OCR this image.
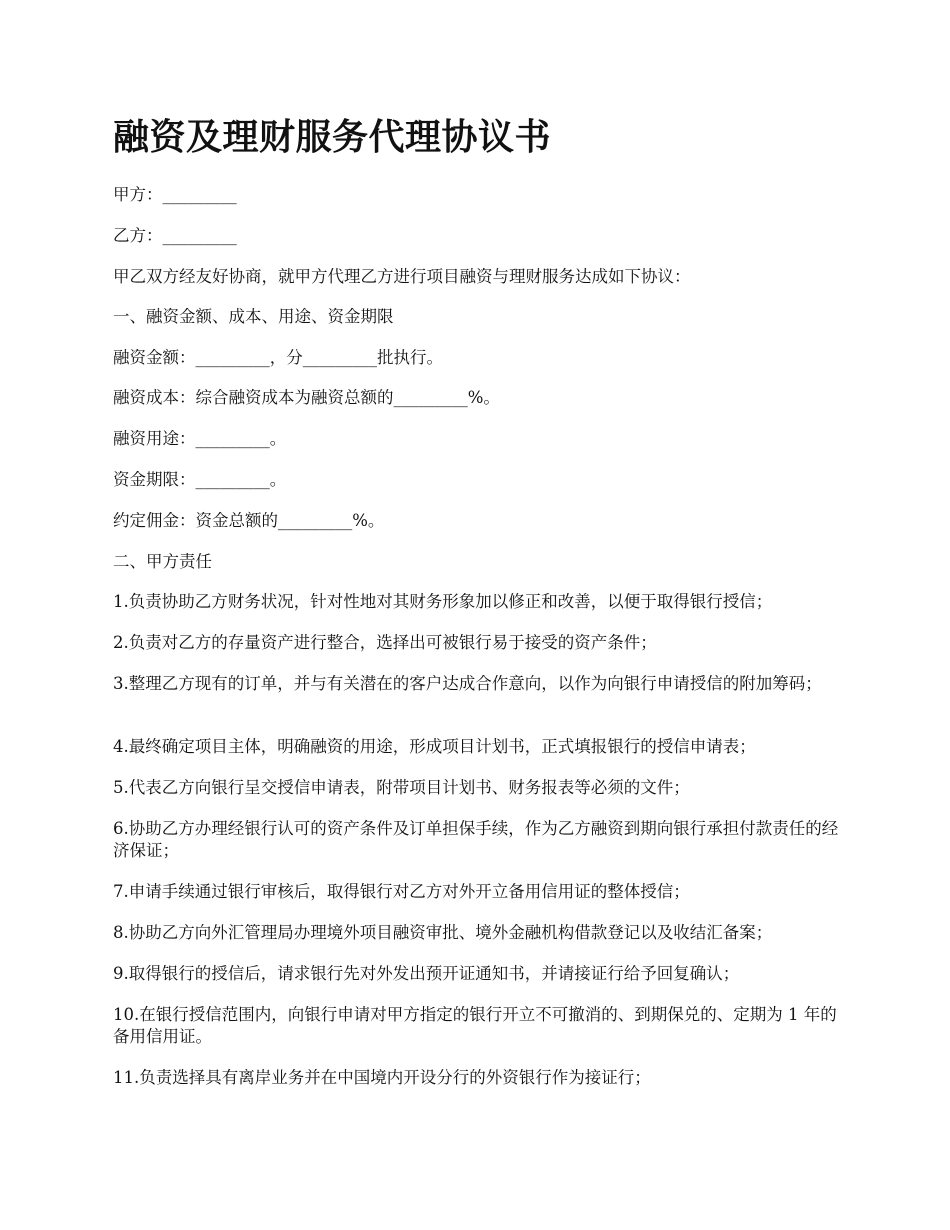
融资及理财服务代理协议书

甲方：_________

乙方：_________

甲乙双方经友好协商，就甲方代理乙方进行项目融资与理财服务达成如下协议：

一、融资金额、成本、用途、资金期限

融资金额：_________，分_________批执行。

融资成本：综合融资成本为融资总额的_________%。

融资用途：_________。

资金期限：_________。

约定佣金：资金总额的_________%。

二、甲方责任

1.负责协助乙方财务状况，针对性地对其财务形象加以修正和改善，以便于取得银行授信；

2.负责对乙方的存量资产进行整合，选择出可被银行易于接受的资产条件；

3.整理乙方现有的订单，并与有关潜在的客户达成合作意向，以作为向银行申请授信的附加筹码；

4.最终确定项目主体，明确融资的用途，形成项目计划书，正式填报银行的授信申请表；

5.代表乙方向银行呈交授信申请表，附带项目计划书、财务报表等必须的文件；

6.协助乙方办理经银行认可的资产条件及订单担保手续，作为乙方融资到期向银行承担付款责任的经济保证；

7.申请手续通过银行审核后，取得银行对乙方对外开立备用信用证的整体授信；

8.协助乙方向外汇管理局办理境外项目融资审批、境外金融机构借款登记以及收结汇备案；

9.取得银行的授信后，请求银行先对外发出预开证通知书，并请接证行给予回复确认；

10.在银行授信范围内，向银行申请对甲方指定的银行开立不可撤消的、到期保兑的、定期为 1 年的备用信用证。

11.负责选择具有离岸业务并在中国境内开设分行的外资银行作为接证行；
